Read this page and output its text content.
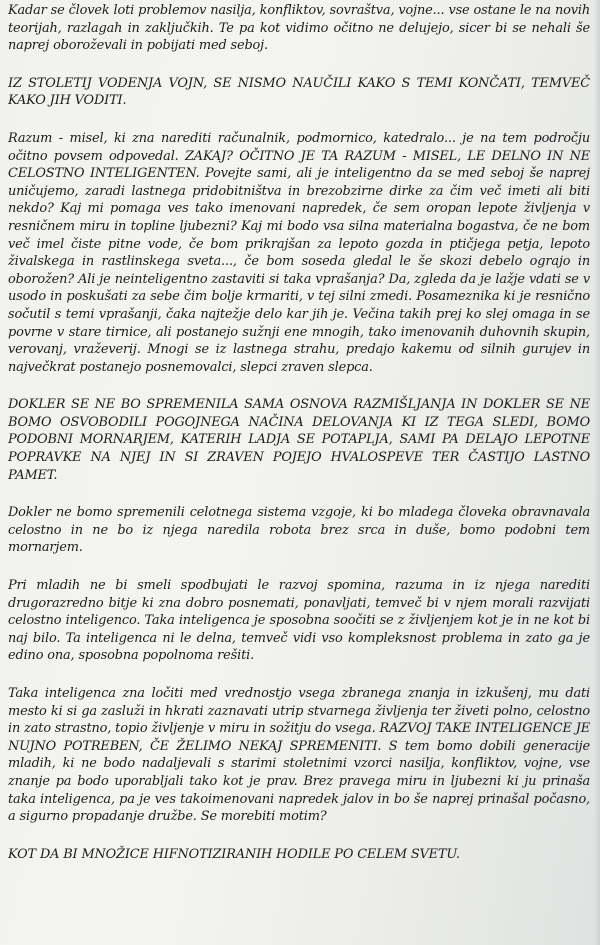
Kadar se človek loti problemov nasilja, konfliktov, sovraštva, vojne... vse ostane le na novih teorijah, razlagah in zaključkih. Te pa kot vidimo očitno ne delujejo, sicer bi se nehali še naprej oboroževali in pobijati med seboj.

IZ STOLETIJ VODENJA VOJN, SE NISMO NAUČILI KAKO S TEMI KONČATI, TEMVEČ KAKO JIH VODITI.

Razum - misel, ki zna narediti računalnik, podmornico, katedralo... je na tem področju očitno povsem odpovedal. ZAKAJ? OČITNO JE TA RAZUM - MISEL, LE DELNO IN NE CELOSTNO INTELIGENTEN. Povejte sami, ali je inteligentno da se med seboj še naprej uničujemo, zaradi lastnega pridobitništva in brezobzirne dirke za čim več imeti ali biti nekdo? Kaj mi pomaga ves tako imenovani napredek, če sem oropan lepote življenja v resničnem miru in topline ljubezni? Kaj mi bodo vsa silna materialna bogastva, če ne bom več imel čiste pitne vode, če bom prikrajšan za lepoto gozda in ptičjega petja, lepoto živalskega in rastlinskega sveta..., če bom soseda gledal le še skozi debelo ograjo in oborožen? Ali je neinteligentno zastaviti si taka vprašanja? Da, zgleda da je lažje vdati se v usodo in poskušati za sebe čim bolje krmariti, v tej silni zmedi. Posameznika ki je resnično sočutil s temi vprašanji, čaka najtežje delo kar jih je. Večina takih prej ko slej omaga in se povrne v stare tirnice, ali postanejo sužnji ene mnogih, tako imenovanih duhovnih skupin, verovanj, vraževerij. Mnogi se iz lastnega strahu, predajo kakemu od silnih gurujev in največkrat postanejo posnemovalci, slepci zraven slepca.

DOKLER SE NE BO SPREMENILA SAMA OSNOVA RAZMIŠLJANJA IN DOKLER SE NE BOMO OSVOBODILI POGOJNEGA NAČINA DELOVANJA KI IZ TEGA SLEDI, BOMO PODOBNI MORNARJEM, KATERIH LADJA SE POTAPLJA, SAMI PA DELAJO LEPOTNE POPRAVKE NA NJEJ IN SI ZRAVEN POJEJO HVALOSPEVE TER ČASTIJO LASTNO PAMET.

Dokler ne bomo spremenili celotnega sistema vzgoje, ki bo mladega človeka obravnavala celostno in ne bo iz njega naredila robota brez srca in duše, bomo podobni tem mornarjem.

Pri mladih ne bi smeli spodbujati le razvoj spomina, razuma in iz njega narediti drugorazredno bitje ki zna dobro posnemati, ponavljati, temveč bi v njem morali razvijati celostno inteligenco. Taka inteligenca je sposobna soočiti se z življenjem kot je in ne kot bi naj bilo. Ta inteligenca ni le delna, temveč vidi vso kompleksnost problema in zato ga je edino ona, sposobna popolnoma rešiti.

Taka inteligenca zna ločiti med vrednostjo vsega zbranega znanja in izkušenj, mu dati mesto ki si ga zasluži in hkrati zaznavati utrip stvarnega življenja ter živeti polno, celostno in zato strastno, topio življenje v miru in sožitju do vsega. RAZVOJ TAKE INTELIGENCE JE NUJNO POTREBEN, ČE ŽELIMO NEKAJ SPREMENITI. S tem bomo dobili generacije mladih, ki ne bodo nadaljevali s starimi stoletnimi vzorci nasilja, konfliktov, vojne, vse znanje pa bodo uporabljali tako kot je prav. Brez pravega miru in ljubezni ki ju prinaša taka inteligenca, pa je ves takoimenovani napredek jalov in bo še naprej prinašal počasno, a sigurno propadanje družbe. Se morebiti motim?

KOT DA BI MNOŽICE HIFNOTIZIRANIH HODILE PO CELEM SVETU.
